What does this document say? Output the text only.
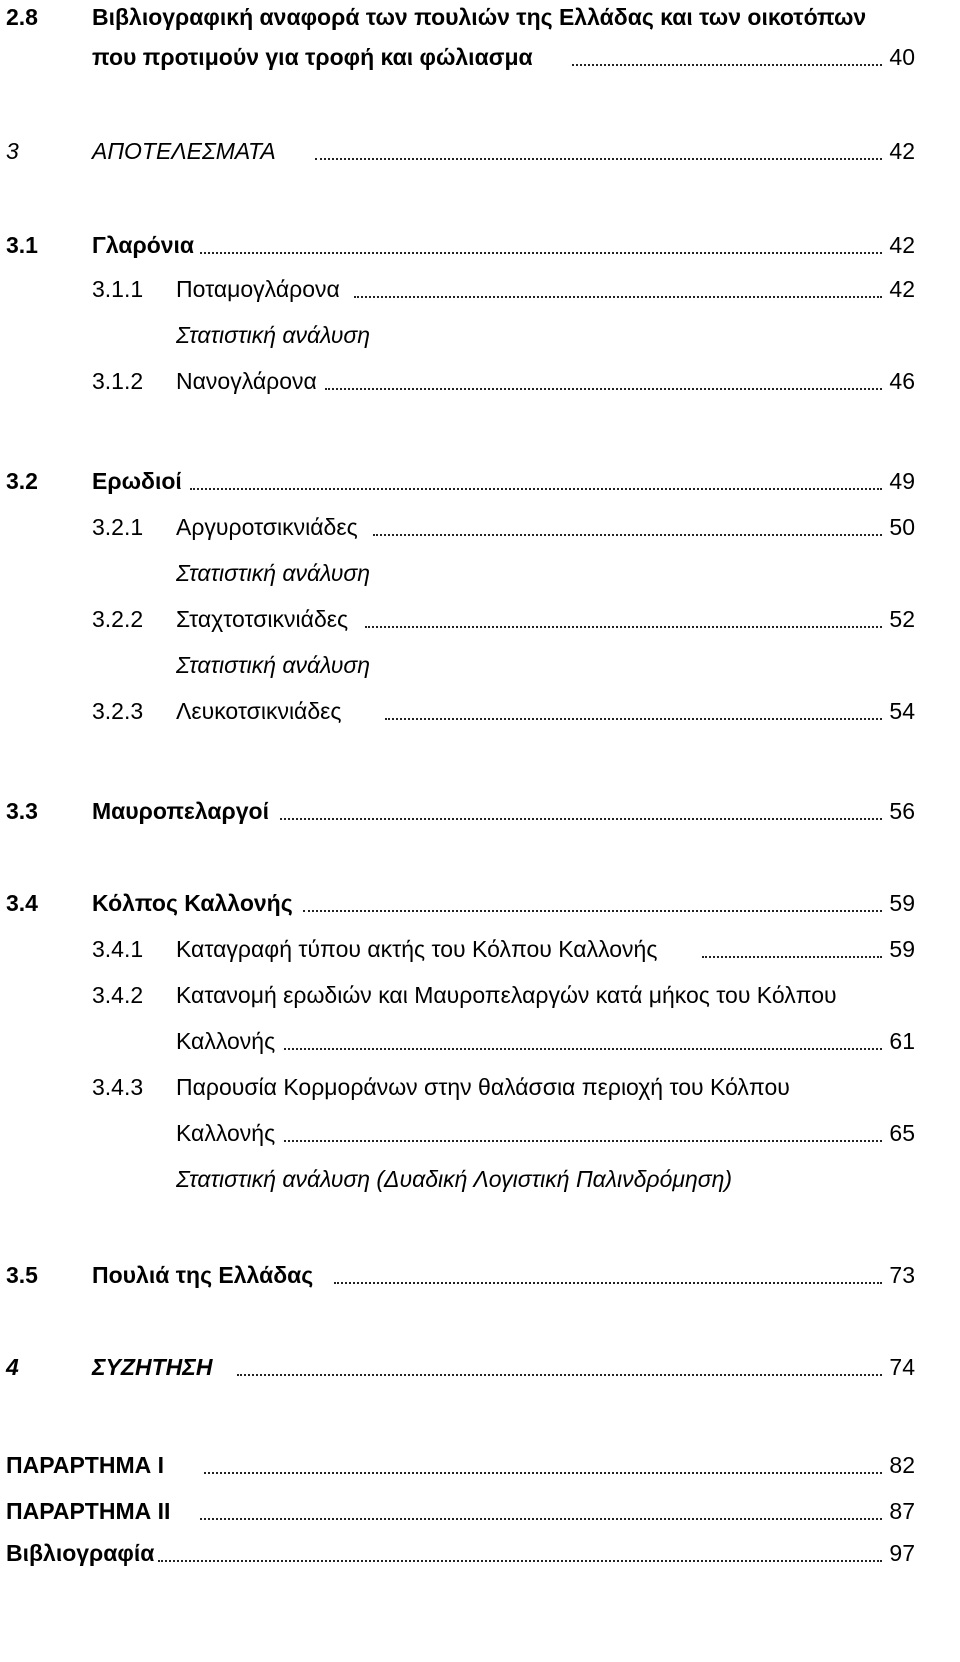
2.8 Βιβλιογραφική αναφορά των πουλιών της Ελλάδας και των οικοτόπων
που προτιμούν για τροφή και φώλιασμα	40
3	ΑΠΟΤΕΛΕΣΜΑΤΑ	42
3.1 Γλαρόνια	42
3.1.1 Ποταμογλάρονα	42
Στατιστική ανάλυση
3.1.2 Νανογλάρονα	46
3.2 Ερωδιοί	49
3.2.1 Αργυροτσικνιάδες	50
Στατιστική ανάλυση
3.2.2 Σταχτοτσικνιάδες	52
Στατιστική ανάλυση
3.2.3 Λευκοτσικνιάδες	54
3.3 Μαυροπελαργοί	56
3.4 Κόλπος Καλλονής	59
3.4.1 Καταγραφή τύπου ακτής του Κόλπου Καλλονής	59
3.4.2 Κατανομή ερωδιών και Μαυροπελαργών κατά μήκος του Κόλπου
Καλλονής	61
3.4.3 Παρουσία Κορμοράνων στην θαλάσσια περιοχή του Κόλπου
Καλλονής	65
Στατιστική ανάλυση (Δυαδική Λογιστική Παλινδρόμηση)
3.5 Πουλιά της Ελλάδας	73
4	ΣΥΖΗΤΗΣΗ	74
ΠΑΡΑΡΤΗΜΑ Ι	82
ΠΑΡΑΡΤΗΜΑ ΙΙ	87
Βιβλιογραφία	97
